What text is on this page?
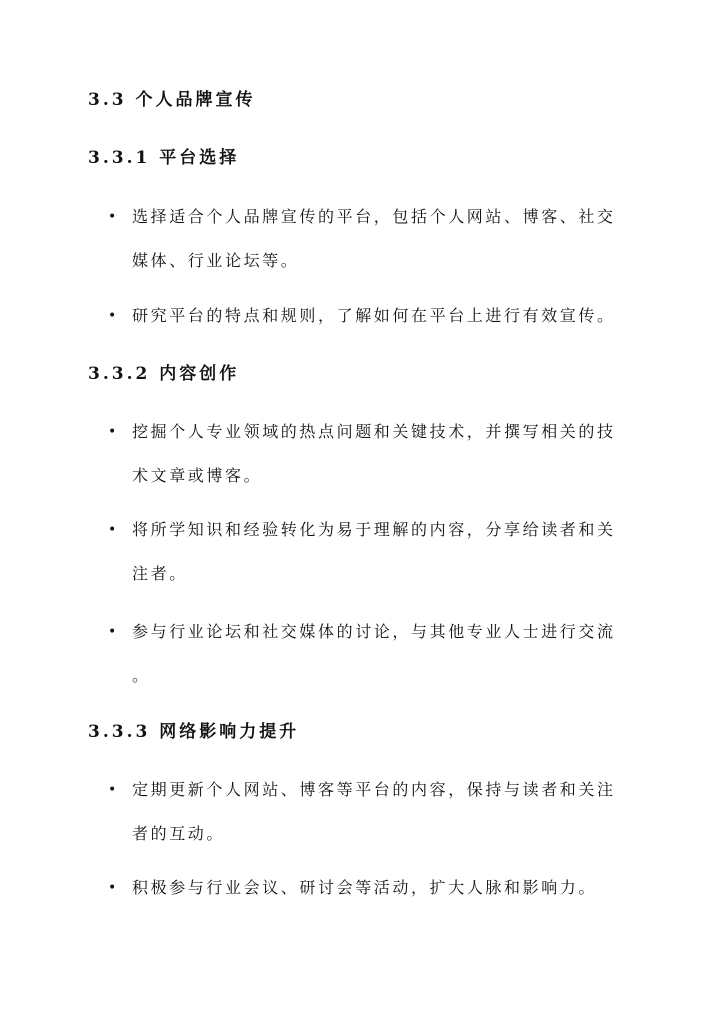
3.3 个人品牌宣传
3.3.1 平台选择
• 选择适合个人品牌宣传的平台，包括个人网站、博客、社交
媒体、行业论坛等。
• 研究平台的特点和规则，了解如何在平台上进行有效宣传。
3.3.2 内容创作
• 挖掘个人专业领域的热点问题和关键技术，并撰写相关的技
术文章或博客。
• 将所学知识和经验转化为易于理解的内容，分享给读者和关
注者。
• 参与行业论坛和社交媒体的讨论，与其他专业人士进行交流
。
3.3.3 网络影响力提升
• 定期更新个人网站、博客等平台的内容，保持与读者和关注
者的互动。
• 积极参与行业会议、研讨会等活动，扩大人脉和影响力。
